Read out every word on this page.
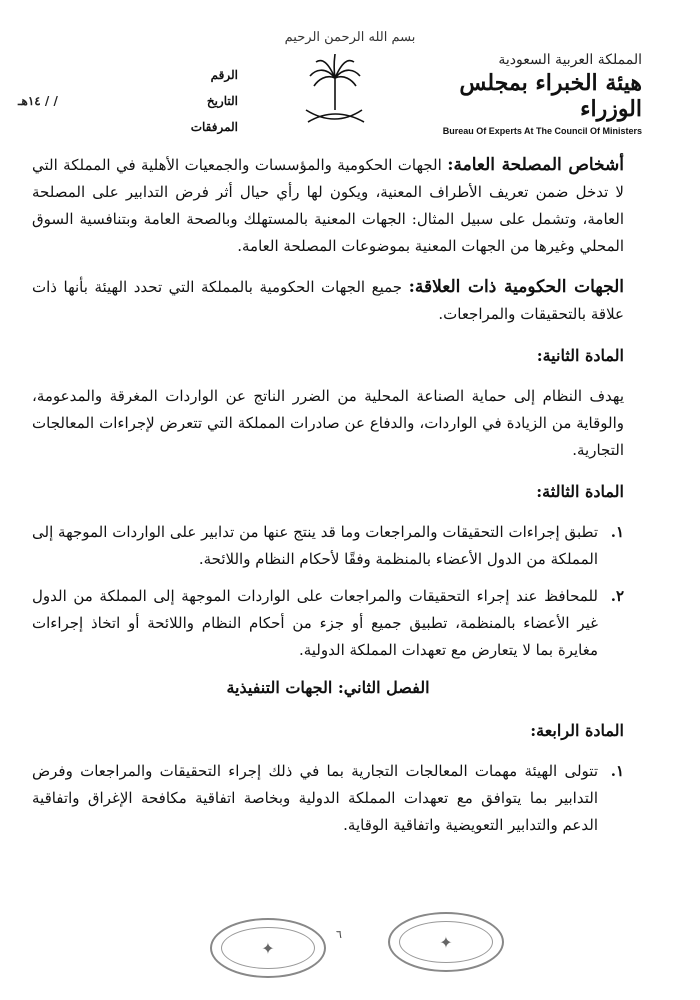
بسم الله الرحمن الرحيم
المملكة العربية السعودية
هيئة الخبراء بمجلس الوزراء
Bureau Of Experts At The Council Of Ministers
الرقم
التاريخ
/ / ١٤هـ
المرفقات

أشخاص المصلحة العامة: الجهات الحكومية والمؤسسات والجمعيات الأهلية في المملكة التي لا تدخل ضمن تعريف الأطراف المعنية، ويكون لها رأي حيال أثر فرض التدابير على المصلحة العامة، وتشمل على سبيل المثال: الجهات المعنية بالمستهلك وبالصحة العامة وبتنافسية السوق المحلي وغيرها من الجهات المعنية بموضوعات المصلحة العامة.

الجهات الحكومية ذات العلاقة: جميع الجهات الحكومية بالمملكة التي تحدد الهيئة بأنها ذات علاقة بالتحقيقات والمراجعات.

المادة الثانية:

يهدف النظام إلى حماية الصناعة المحلية من الضرر الناتج عن الواردات المغرقة والمدعومة، والوقاية من الزيادة في الواردات، والدفاع عن صادرات المملكة التي تتعرض لإجراءات المعالجات التجارية.

المادة الثالثة:
١.
تطبق إجراءات التحقيقات والمراجعات وما قد ينتج عنها من تدابير على الواردات الموجهة إلى المملكة من الدول الأعضاء بالمنظمة وفقًا لأحكام النظام واللائحة.
٢.
للمحافظ عند إجراء التحقيقات والمراجعات على الواردات الموجهة إلى المملكة من الدول غير الأعضاء بالمنظمة، تطبيق جميع أو جزء من أحكام النظام واللائحة أو اتخاذ إجراءات مغايرة بما لا يتعارض مع تعهدات المملكة الدولية.
الفصل الثاني: الجهات التنفيذية
المادة الرابعة:
١.
تتولى الهيئة مهمات المعالجات التجارية بما في ذلك إجراء التحقيقات والمراجعات وفرض التدابير بما يتوافق مع تعهدات المملكة الدولية وبخاصة اتفاقية مكافحة الإغراق واتفاقية الدعم والتدابير التعويضية واتفاقية الوقاية.
✦
٦	✦
